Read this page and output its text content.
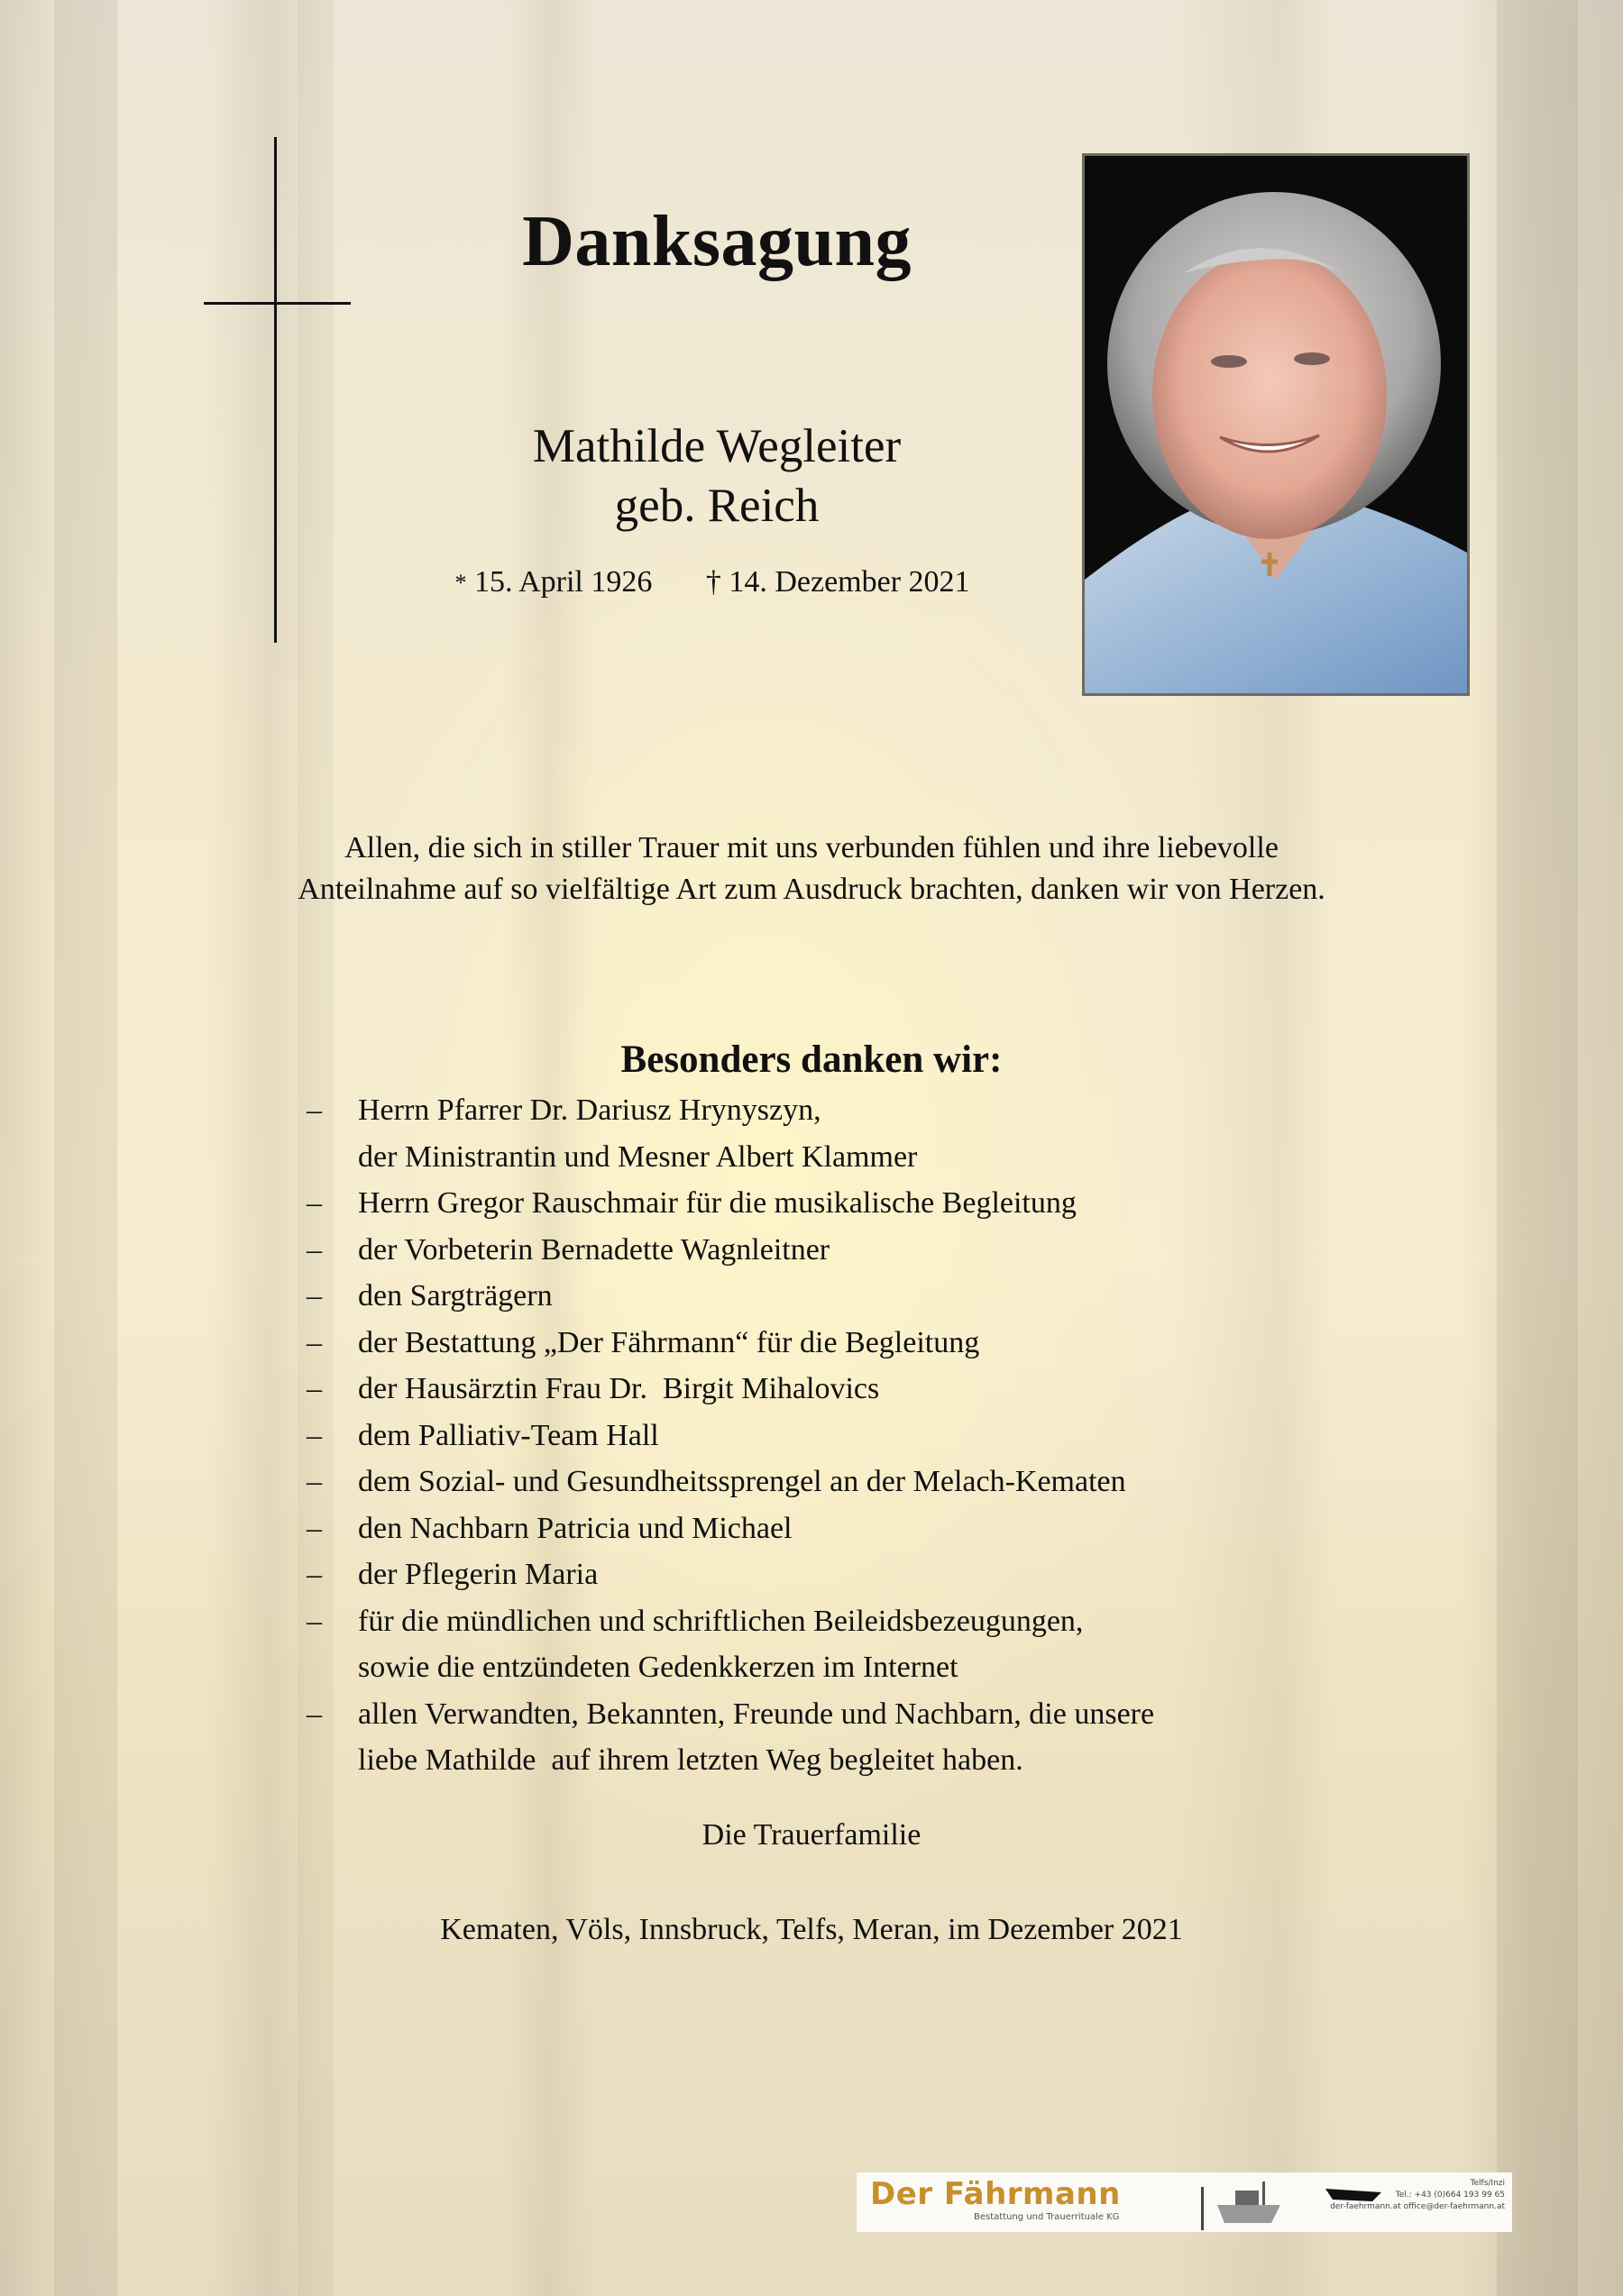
Danksagung
Mathilde Wegleiter
geb. Reich
* 15. April 1926 † 14. Dezember 2021
Allen, die sich in stiller Trauer mit uns verbunden fühlen und ihre liebevolle
Anteilnahme auf so vielfältige Art zum Ausdruck brachten, danken wir von Herzen.
Besonders danken wir:
– Herrn Pfarrer Dr. Dariusz Hrynyszyn,
der Ministrantin und Mesner Albert Klammer
– Herrn Gregor Rauschmair für die musikalische Begleitung
– der Vorbeterin Bernadette Wagnleitner
– den Sargträgern
– der Bestattung „Der Fährmann“ für die Begleitung
– der Hausärztin Frau Dr.  Birgit Mihalovics
– dem Palliativ-Team Hall
– dem Sozial- und Gesundheitssprengel an der Melach-Kematen
– den Nachbarn Patricia und Michael
– der Pflegerin Maria
– für die mündlichen und schriftlichen Beileidsbezeugungen,
sowie die entzündeten Gedenkkerzen im Internet
– allen Verwandten, Bekannten, Freunde und Nachbarn, die unsere
liebe Mathilde  auf ihrem letzten Weg begleitet haben.
Die Trauerfamilie
Kematen, Völs, Innsbruck, Telfs, Meran, im Dezember 2021
Der Fährmann
Bestattung und Trauerrituale KG
Telfs/Inzi
Tel.: +43 (0)664 193 99 65
der-faehrmann.at office@der-faehrmann.at
